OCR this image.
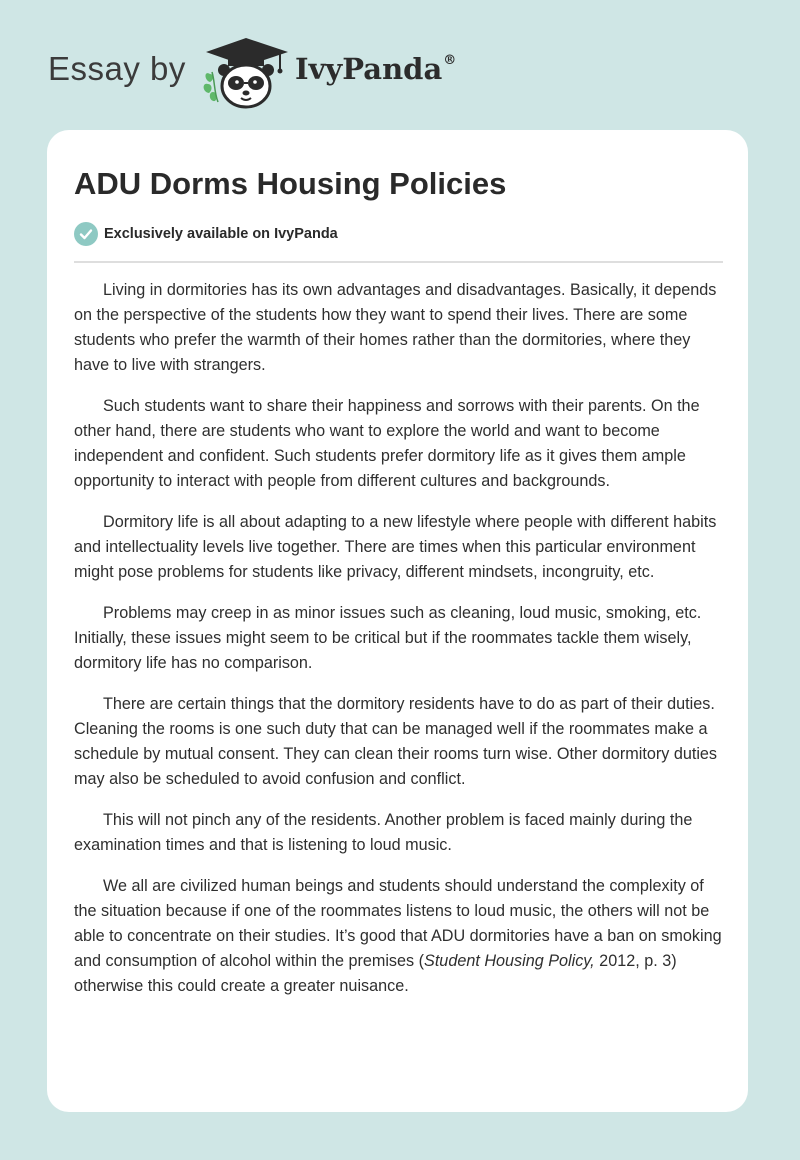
Essay by	IvyPanda®
ADU Dorms Housing Policies
Exclusively available on IvyPanda

Living in dormitories has its own advantages and disadvantages. Basically, it depends on the perspective of the students how they want to spend their lives. There are some students who prefer the warmth of their homes rather than the dormitories, where they have to live with strangers.

Such students want to share their happiness and sorrows with their parents. On the other hand, there are students who want to explore the world and want to become independent and confident. Such students prefer dormitory life as it gives them ample opportunity to interact with people from different cultures and backgrounds.

Dormitory life is all about adapting to a new lifestyle where people with different habits and intellectuality levels live together. There are times when this particular environment might pose problems for students like privacy, different mindsets, incongruity, etc.

Problems may creep in as minor issues such as cleaning, loud music, smoking, etc. Initially, these issues might seem to be critical but if the roommates tackle them wisely, dormitory life has no comparison.

There are certain things that the dormitory residents have to do as part of their duties. Cleaning the rooms is one such duty that can be managed well if the roommates make a schedule by mutual consent. They can clean their rooms turn wise. Other dormitory duties may also be scheduled to avoid confusion and conflict.

This will not pinch any of the residents. Another problem is faced mainly during the examination times and that is listening to loud music.

We all are civilized human beings and students should understand the complexity of the situation because if one of the roommates listens to loud music, the others will not be able to concentrate on their studies. It’s good that ADU dormitories have a ban on smoking and consumption of alcohol within the premises (Student Housing Policy, 2012, p. 3) otherwise this could create a greater nuisance.
